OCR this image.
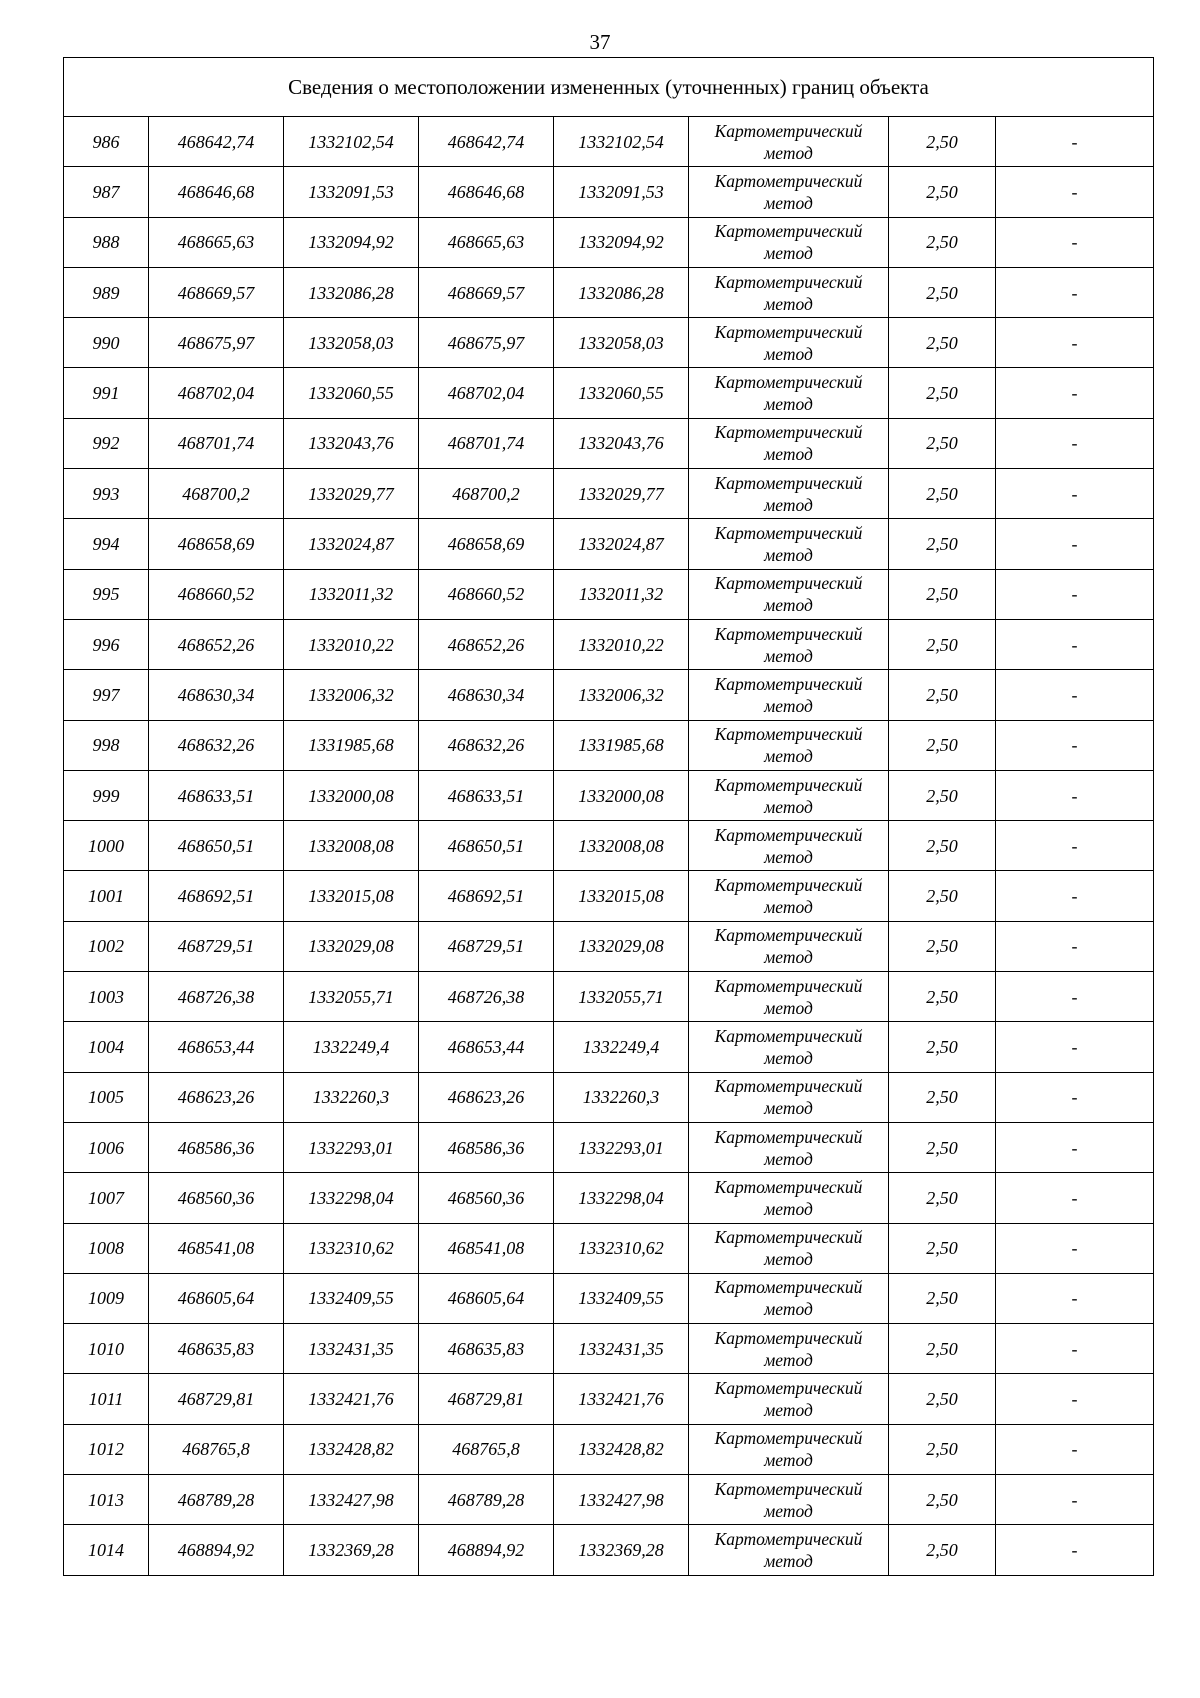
37
Сведения о местоположении измененных (уточненных) границ объекта							
986	468642,74	1332102,54	468642,74	1332102,54	Картометрический
метод	2,50	-
987	468646,68	1332091,53	468646,68	1332091,53	Картометрический
метод	2,50	-
988	468665,63	1332094,92	468665,63	1332094,92	Картометрический
метод	2,50	-
989	468669,57	1332086,28	468669,57	1332086,28	Картометрический
метод	2,50	-
990	468675,97	1332058,03	468675,97	1332058,03	Картометрический
метод	2,50	-
991	468702,04	1332060,55	468702,04	1332060,55	Картометрический
метод	2,50	-
992	468701,74	1332043,76	468701,74	1332043,76	Картометрический
метод	2,50	-
993	468700,2	1332029,77	468700,2	1332029,77	Картометрический
метод	2,50	-
994	468658,69	1332024,87	468658,69	1332024,87	Картометрический
метод	2,50	-
995	468660,52	1332011,32	468660,52	1332011,32	Картометрический
метод	2,50	-
996	468652,26	1332010,22	468652,26	1332010,22	Картометрический
метод	2,50	-
997	468630,34	1332006,32	468630,34	1332006,32	Картометрический
метод	2,50	-
998	468632,26	1331985,68	468632,26	1331985,68	Картометрический
метод	2,50	-
999	468633,51	1332000,08	468633,51	1332000,08	Картометрический
метод	2,50	-
1000	468650,51	1332008,08	468650,51	1332008,08	Картометрический
метод	2,50	-
1001	468692,51	1332015,08	468692,51	1332015,08	Картометрический
метод	2,50	-
1002	468729,51	1332029,08	468729,51	1332029,08	Картометрический
метод	2,50	-
1003	468726,38	1332055,71	468726,38	1332055,71	Картометрический
метод	2,50	-
1004	468653,44	1332249,4	468653,44	1332249,4	Картометрический
метод	2,50	-
1005	468623,26	1332260,3	468623,26	1332260,3	Картометрический
метод	2,50	-
1006	468586,36	1332293,01	468586,36	1332293,01	Картометрический
метод	2,50	-
1007	468560,36	1332298,04	468560,36	1332298,04	Картометрический
метод	2,50	-
1008	468541,08	1332310,62	468541,08	1332310,62	Картометрический
метод	2,50	-
1009	468605,64	1332409,55	468605,64	1332409,55	Картометрический
метод	2,50	-
1010	468635,83	1332431,35	468635,83	1332431,35	Картометрический
метод	2,50	-
1011	468729,81	1332421,76	468729,81	1332421,76	Картометрический
метод	2,50	-
1012	468765,8	1332428,82	468765,8	1332428,82	Картометрический
метод	2,50	-
1013	468789,28	1332427,98	468789,28	1332427,98	Картометрический
метод	2,50	-
1014	468894,92	1332369,28	468894,92	1332369,28	Картометрический
метод	2,50	-
